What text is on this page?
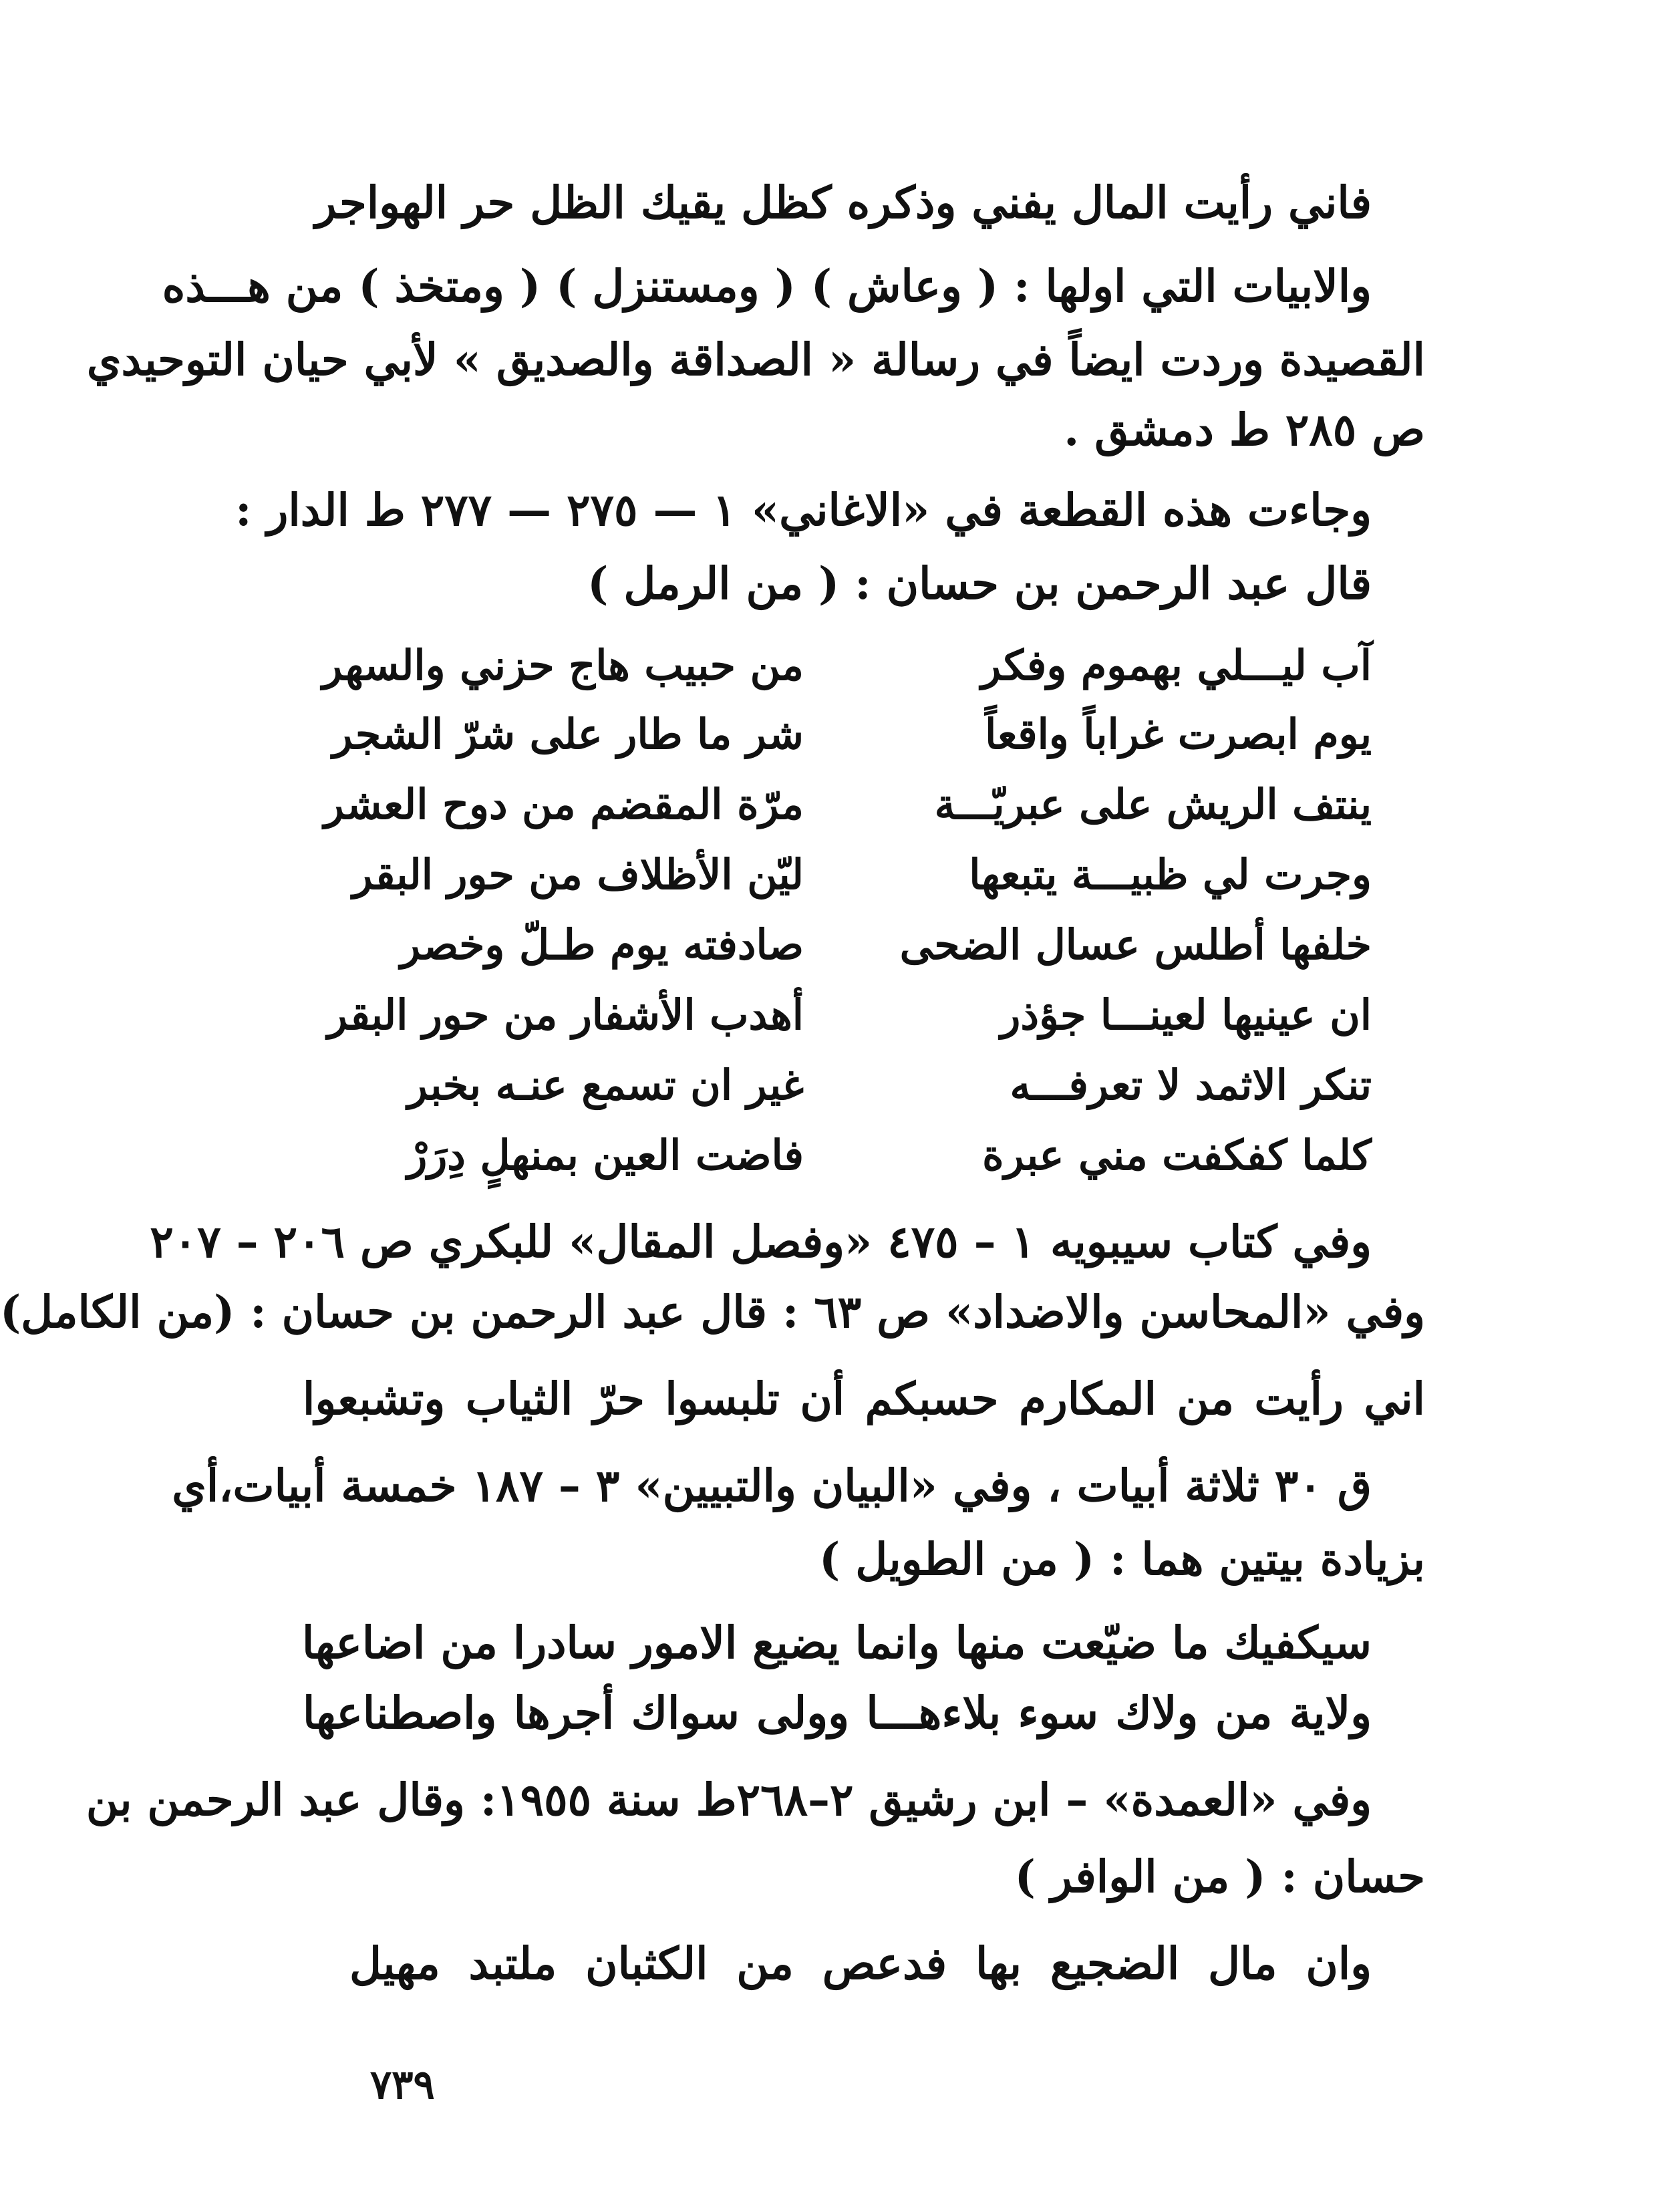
فاني رأيت المال يفني وذكره كظل يقيك الظل حر الهواجر
والابيات التي اولها : ( وعاش ) ( ومستنزل ) ( ومتخذ ) من هـــذه
القصيدة وردت ايضاً في رسالة « الصداقة والصديق » لأبي حيان التوحيدي
ص ٢٨٥ ط دمشق .
وجاءت هذه القطعة في «الاغاني» ١ — ٢٧٥ — ٢٧٧ ط الدار :
قال عبد الرحمن بن حسان : ( من الرمل )
آب ليـــلي بهموم وفكر
من حبيب هاج حزني والسهر
يوم ابصرت غراباً واقعاً
شر ما طار على شرّ الشجر
ينتف الريش على عبريّـــة
مرّة المقضم من دوح العشر
وجرت لي ظبيـــة يتبعها
ليّن الأظلاف من حور البقر
خلفها أطلس عسال الضحى
صادفته يوم طـلّ وخصر
ان عينيها لعينـــا جؤذر
أهدب الأشفار من حور البقر
تنكر الاثمد لا تعرفـــه
غير ان تسمع عنـه بخبر
كلما كفكفت مني عبرة
فاضت العين بمنهلٍ دِرَرْ
وفي كتاب سيبويه ١ – ٤٧٥ «وفصل المقال» للبكري ص ٢٠٦ – ٢٠٧
وفي «المحاسن والاضداد» ص ٦٣ : قال عبد الرحمن بن حسان : (من الكامل)
اني رأيت من المكارم حسبكم أن تلبسوا حرّ الثياب وتشبعوا
ق ٣٠ ثلاثة أبيات ، وفي «البيان والتبيين» ٣ – ١٨٧ خمسة أبيات،أي
بزيادة بيتين هما : ( من الطويل )
سيكفيك ما ضيّعت منها وانما يضيع الامور سادرا من اضاعها
ولاية من ولاك سوء بلاءهـــا وولى سواك أجرها واصطناعها
وفي «العمدة» – ابن رشيق ٢–٢٦٨ط سنة ١٩٥٥: وقال عبد الرحمن بن
حسان : ( من الوافر )
وان مال الضجيع بها فدعص من الكثبان ملتبد مهيل
٧٣٩
